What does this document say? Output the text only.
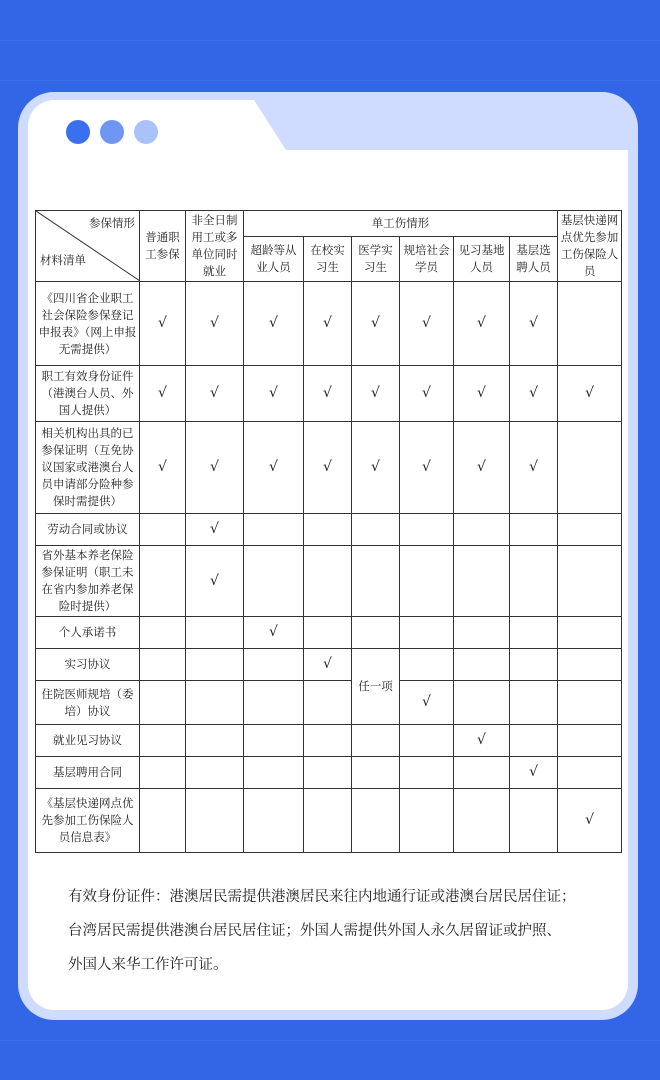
参保情形
材料清单	普通职工参保	非全日制用工或多单位同时就业	单工伤情形						基层快递网点优先参加工伤保险人员
			超龄等从业人员	在校实习生	医学实习生	规培社会学员	见习基地人员	基层选聘人员	
《四川省企业职工社会保险参保登记申报表》（网上申报无需提供）	√	√	√	√	√	√	√	√	
职工有效身份证件（港澳台人员、外国人提供）	√	√	√	√	√	√	√	√	√
相关机构出具的已参保证明（互免协议国家或港澳台人员申请部分险种参保时需提供）	√	√	√	√	√	√	√	√	
劳动合同或协议		√							
省外基本养老保险参保证明（职工未在省内参加养老保险时提供）		√							
个人承诺书			√						
实习协议				√	任一项				
住院医师规培（委培）协议						√			
就业见习协议							√		
基层聘用合同								√	
《基层快递网点优先参加工伤保险人员信息表》									√
有效身份证件：港澳居民需提供港澳居民来往内地通行证或港澳台居民居住证；
台湾居民需提供港澳台居民居住证；外国人需提供外国人永久居留证或护照、
外国人来华工作许可证。
